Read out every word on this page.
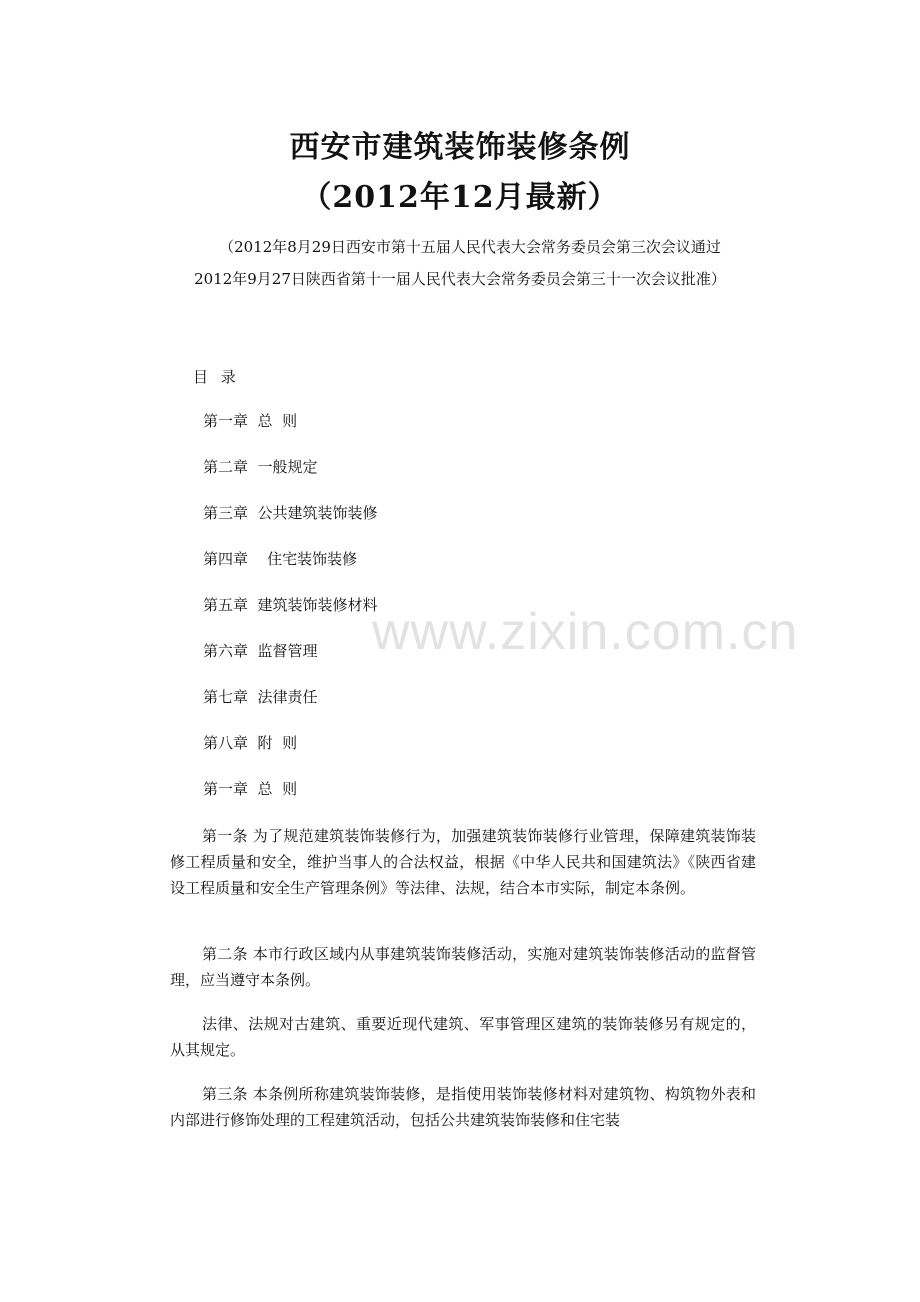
西安市建筑装饰装修条例
（2012年12月最新）

（2012年8月29日西安市第十五届人民代表大会常务委员会第三次会议通过

2012年9月27日陕西省第十一届人民代表大会常务委员会第三十一次会议批准）

目 录
第一章  总  则
第二章  一般规定
第三章  公共建筑装饰装修
第四章    住宅装饰装修
第五章  建筑装饰装修材料
第六章  监督管理
第七章  法律责任
第八章  附  则
第一章  总  则

第一条 为了规范建筑装饰装修行为，加强建筑装饰装修行业管理，保障建筑装饰装修工程质量和安全，维护当事人的合法权益，根据《中华人民共和国建筑法》《陕西省建设工程质量和安全生产管理条例》等法律、法规，结合本市实际，制定本条例。

第二条 本市行政区域内从事建筑装饰装修活动，实施对建筑装饰装修活动的监督管理，应当遵守本条例。

法律、法规对古建筑、重要近现代建筑、军事管理区建筑的装饰装修另有规定的，从其规定。

第三条 本条例所称建筑装饰装修，是指使用装饰装修材料对建筑物、构筑物外表和内部进行修饰处理的工程建筑活动，包括公共建筑装饰装修和住宅装

www.zixin.com.cn
